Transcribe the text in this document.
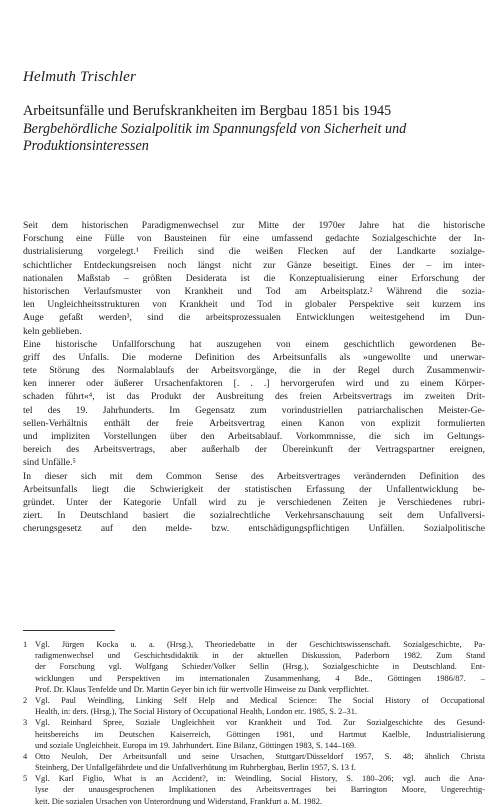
Helmuth Trischler
Arbeitsunfälle und Berufskrankheiten im Bergbau 1851 bis 1945
Bergbehördliche Sozialpolitik im Spannungsfeld von Sicherheit und
Produktionsinteressen
Seit dem historischen Paradigmenwechsel zur Mitte der 1970er Jahre hat die historische
Forschung eine Fülle von Bausteinen für eine umfassend gedachte Sozialgeschichte der In-
dustrialisierung vorgelegt.¹ Freilich sind die weißen Flecken auf der Landkarte sozialge-
schichtlicher Entdeckungsreisen noch längst nicht zur Gänze beseitigt. Eines der – im inter-
nationalen Maßstab – größten Desiderata ist die Konzeptualisierung einer Erforschung der
historischen Verlaufsmuster von Krankheit und Tod am Arbeitsplatz.² Während die sozia-
len Ungleichheitsstrukturen von Krankheit und Tod in globaler Perspektive seit kurzem ins
Auge gefaßt werden³, sind die arbeitsprozessualen Entwicklungen weitestgehend im Dun-
keln geblieben.
Eine historische Unfallforschung hat auszugehen von einem geschichtlich gewordenen Be-
griff des Unfalls. Die moderne Definition des Arbeitsunfalls als »ungewollte und unerwar-
tete Störung des Normalablaufs der Arbeitsvorgänge, die in der Regel durch Zusammenwir-
ken innerer oder äußerer Ursachenfaktoren [. . .] hervorgerufen wird und zu einem Körper-
schaden führt«⁴, ist das Produkt der Ausbreitung des freien Arbeitsvertrags im zweiten Drit-
tel des 19. Jahrhunderts. Im Gegensatz zum vorindustriellen patriarchalischen Meister-Ge-
sellen-Verhältnis enthält der freie Arbeitsvertrag einen Kanon von explizit formulierten
und impliziten Vorstellungen über den Arbeitsablauf. Vorkommnisse, die sich im Geltungs-
bereich des Arbeitsvertrags, aber außerhalb der Übereinkunft der Vertragspartner ereignen,
sind Unfälle.⁵
In dieser sich mit dem Common Sense des Arbeitsvertrages verändernden Definition des
Arbeitsunfalls liegt die Schwierigkeit der statistischen Erfassung der Unfallentwicklung be-
gründet. Unter der Kategorie Unfall wird zu je verschiedenen Zeiten je Verschiedenes rubri-
ziert. In Deutschland basiert die sozialrechtliche Verkehrsanschauung seit dem Unfallversi-
cherungsgesetz auf den melde- bzw. entschädigungspflichtigen Unfällen. Sozialpolitische
1 Vgl. Jürgen Kocka u. a. (Hrsg.), Theoriedebatte in der Geschichtswissenschaft. Sozialgeschichte, Pa-
radigmenwechsel und Geschichtsdidaktik in der aktuellen Diskussion, Paderborn 1982. Zum Stand
der Forschung vgl. Wolfgang Schieder/Volker Sellin (Hrsg.), Sozialgeschichte in Deutschland. Ent-
wicklungen und Perspektiven im internationalen Zusammenhang, 4 Bde., Göttingen 1986/87. –
Prof. Dr. Klaus Tenfelde und Dr. Martin Geyer bin ich für wertvolle Hinweise zu Dank verpflichtet.
2 Vgl. Paul Weindling, Linking Self Help and Medical Science: The Social History of Occupational
Health, in: ders. (Hrsg.), The Social History of Occupational Health, London etc. 1985, S. 2–31.
3 Vgl. Reinhard Spree, Soziale Ungleichheit vor Krankheit und Tod. Zur Sozialgeschichte des Gesund-
heitsbereichs im Deutschen Kaiserreich, Göttingen 1981, und Hartmut Kaelble, Industrialisierung
und soziale Ungleichheit. Europa im 19. Jahrhundert. Eine Bilanz, Göttingen 1983, S. 144–169.
4 Otto Neuloh, Der Arbeitsunfall und seine Ursachen, Stuttgart/Düsseldorf 1957, S. 48; ähnlich Christa
Steinberg, Der Unfallgefährdete und die Unfallverhütung im Ruhrbergbau, Berlin 1957, S. 13 f.
5 Vgl. Karl Figlio, What is an Accident?, in: Weindling, Social History, S. 180–206; vgl. auch die Ana-
lyse der unausgesprochenen Implikationen des Arbeitsvertrages bei Barrington Moore, Ungerechtig-
keit. Die sozialen Ursachen von Unterordnung und Widerstand, Frankfurt a. M. 1982.
